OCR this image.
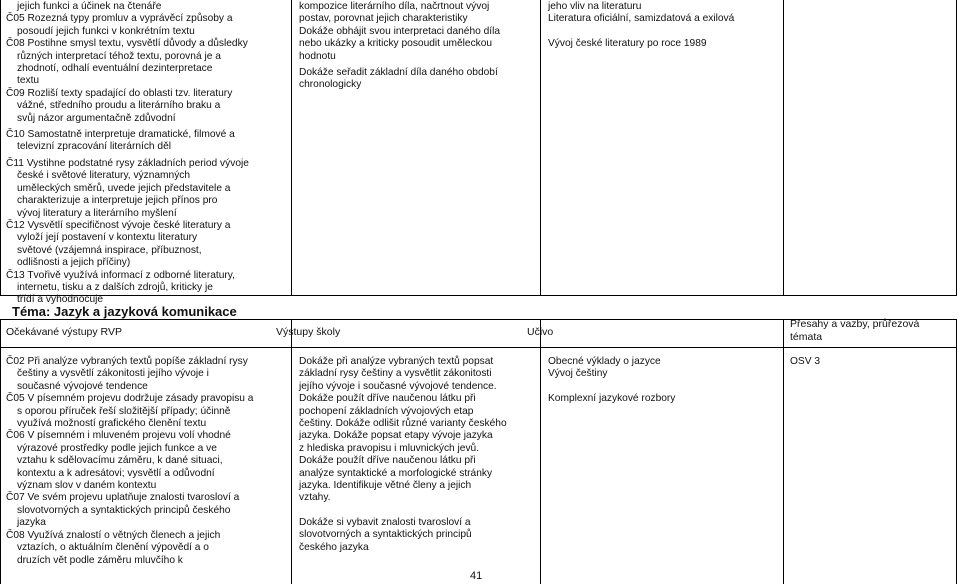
jejich funkci a účinek na čtenáře

Č05 Rozezná typy promluv a vyprávěcí způsoby a

posoudí jejich funkci v konkrétním textu

Č08 Postihne smysl textu, vysvětlí důvody a důsledky

různých interpretací téhož textu, porovná je a

zhodnotí, odhalí eventuální dezinterpretace

textu

Č09 Rozliší texty spadající do oblasti tzv. literatury

vážné, středního proudu a literárního braku a

svůj názor argumentačně zdůvodní

Č10 Samostatně interpretuje dramatické, filmové a

televizní zpracování literárních děl

Č11 Vystihne podstatné rysy základních period vývoje

české i světové literatury, významných

uměleckých směrů, uvede jejich představitele a

charakterizuje a interpretuje jejich přínos pro

vývoj literatury a literárního myšlení

Č12 Vysvětlí specifičnost vývoje české literatury a

vyloží její postavení v kontextu literatury

světové (vzájemná inspirace, příbuznost,

odlišnosti a jejich příčiny)

Č13 Tvořivě využívá informací z odborné literatury,

internetu, tisku a z dalších zdrojů, kriticky je

třídí a vyhodnocuje

kompozice literárního díla, načrtnout vývoj

postav, porovnat jejich charakteristiky

Dokáže obhájit svou interpretaci daného díla

nebo ukázky a kriticky posoudit uměleckou

hodnotu

Dokáže seřadit základní díla daného období

chronologicky

jeho vliv na literaturu

Literatura oficiální, samizdatová a exilová

Vývoj české literatury po roce 1989

Téma: Jazyk a jazyková komunikace
Očekávané výstupy RVP	Výstupy školy	Učivo
Přesahy a vazby, průřezová témata

Č02 Při analýze vybraných textů popíše základní rysy

češtiny a vysvětlí zákonitosti jejího vývoje i

současné vývojové tendence

Č05 V písemném projevu dodržuje zásady pravopisu a

s oporou příruček řeší složitější případy; účinně

využívá možností grafického členění textu

Č06 V písemném i mluveném projevu volí vhodné

výrazové prostředky podle jejich funkce a ve

vztahu k sdělovacímu záměru, k dané situaci,

kontextu a k adresátovi; vysvětlí a odůvodní

význam slov v daném kontextu

Č07 Ve svém projevu uplatňuje znalosti tvarosloví a

slovotvorných a syntaktických principů českého

jazyka

Č08 Využívá znalostí o větných členech a jejich

vztazích, o aktuálním členění výpovědí a o

druzích vět podle záměru mluvčího k

Dokáže při analýze vybraných textů popsat

základní rysy češtiny a vysvětlit zákonitosti

jejího vývoje i současné vývojové tendence.

Dokáže použít dříve naučenou látku při

pochopení základních vývojových etap

češtiny. Dokáže odlišit různé varianty českého

jazyka. Dokáže popsat etapy vývoje jazyka

z hlediska pravopisu i mluvnických jevů.

Dokáže použít dříve naučenou látku při

analýze syntaktické a morfologické stránky

jazyka. Identifikuje větné členy a jejich

vztahy.

Dokáže si vybavit znalosti tvarosloví a

slovotvorných a syntaktických principů

českého jazyka

Obecné výklady o jazyce

Vývoj češtiny

Komplexní jazykové rozbory

OSV 3

41
